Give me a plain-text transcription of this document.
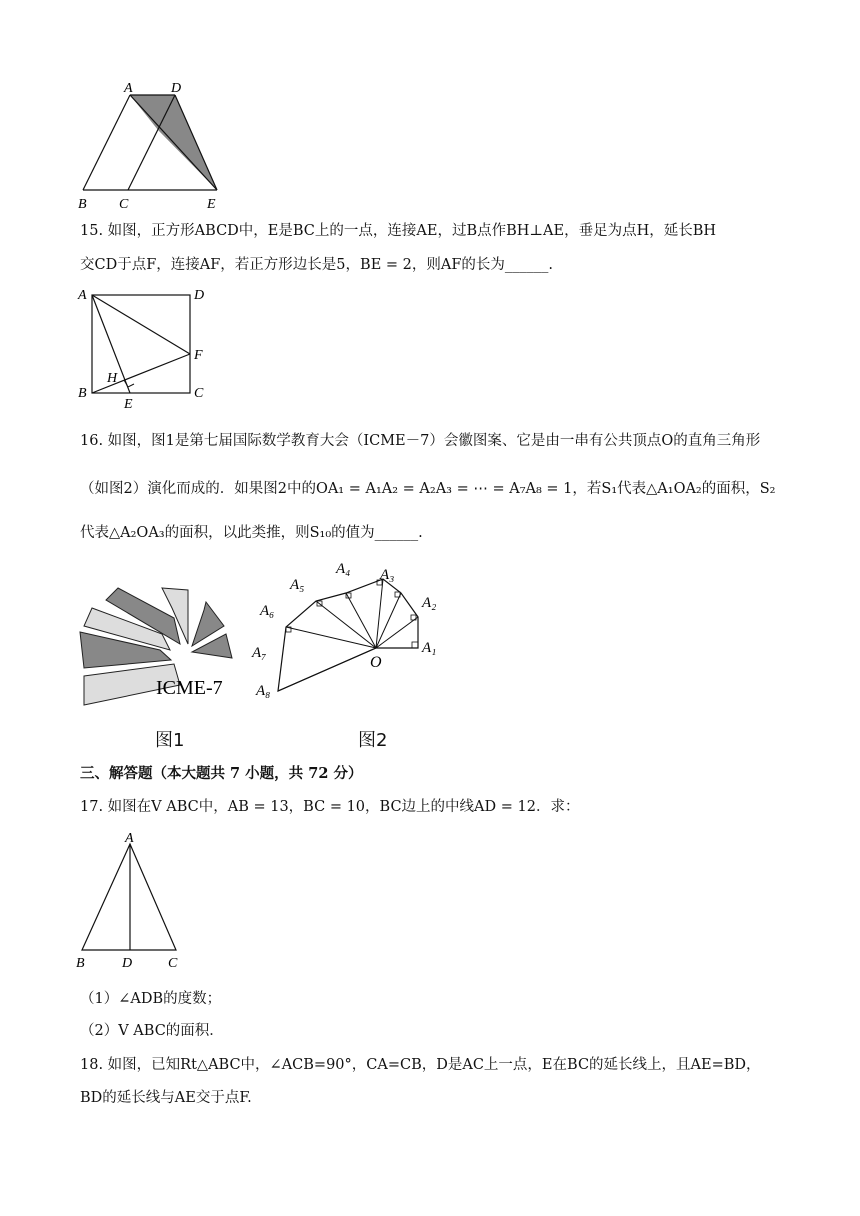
A	D
B C	E
15. 如图，正方形ABCD中，E是BC上的一点，连接AE，过B点作BH⊥AE，垂足为点H，延长BH
交CD于点F，连接AF，若正方形边长是5，BE = 2，则AF的长为______.
A	D
F
B
H
E
C
16. 如图，图1是第七届国际数学教育大会（ICME－7）会徽图案、它是由一串有公共顶点O的直角三角形
（如图2）演化而成的．如果图2中的OA₁ = A₁A₂ = A₂A₃ = ⋯ = A₇A₈ = 1，若S₁代表△A₁OA₂的面积，S₂
代表△A₂OA₃的面积，以此类推，则S₁₀的值为______.
ICME-7
图1
A₁
A₂
A₃
A₄
A₅
A₆
A₇
A₈
O
图2
三、解答题（本大题共 7 小题，共 72 分）
17. 如图在V ABC中，AB = 13，BC = 10，BC边上的中线AD = 12．求：
A
B	D	C
（1）∠ADB的度数；
（2）V ABC的面积．
18. 如图，已知Rt△ABC中，∠ACB=90°，CA=CB，D是AC上一点，E在BC的延长线上，且AE=BD，
BD的延长线与AE交于点F.
